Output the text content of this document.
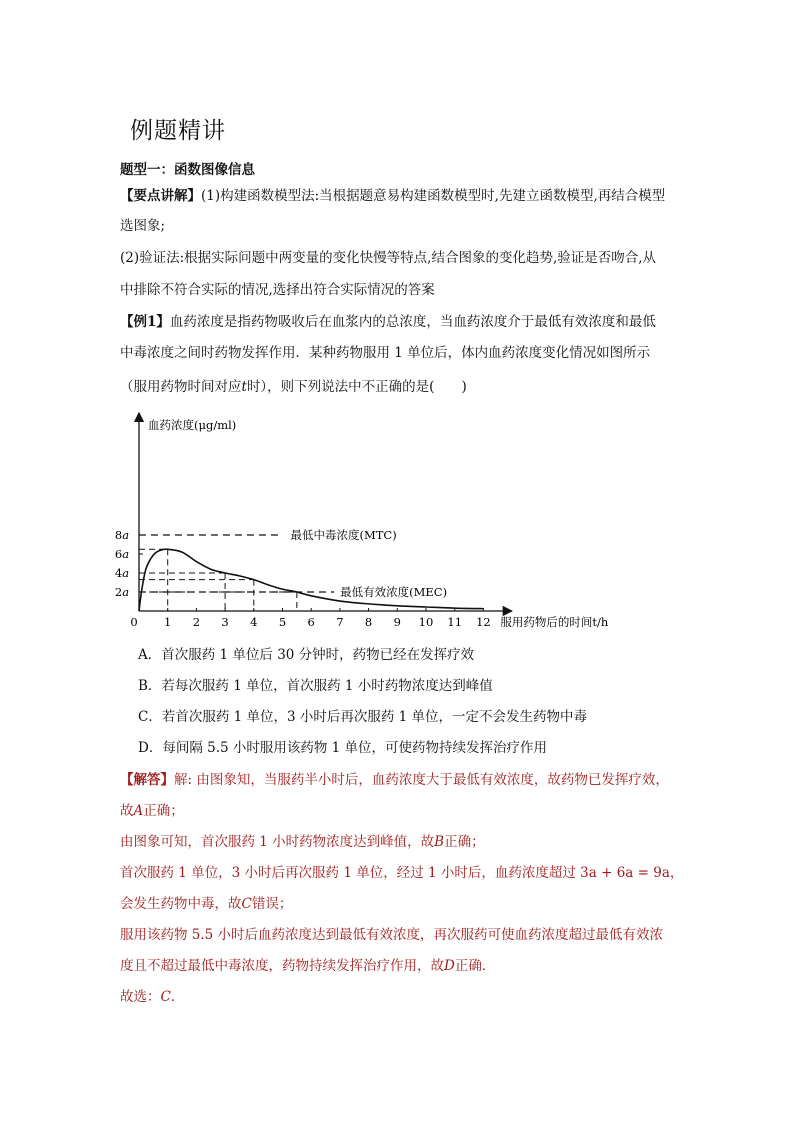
例题精讲
题型一：函数图像信息
【要点讲解】(1)构建函数模型法:当根据题意易构建函数模型时,先建立函数模型,再结合模型
选图象;
(2)验证法:根据实际问题中两变量的变化快慢等特点,结合图象的变化趋势,验证是否吻合,从
中排除不符合实际的情况,选择出符合实际情况的答案
【例1】血药浓度是指药物吸收后在血浆内的总浓度，当血药浓度介于最低有效浓度和最低
中毒浓度之间时药物发挥作用．某种药物服用 1 单位后，体内血药浓度变化情况如图所示
（服用药物时间对应t时），则下列说法中不正确的是(　　)
血药浓度(μg/ml)
服用药物后的时间t/h
0 1 2 3 4 5 6 7 8 9 10 11 12
2a
4a
6a
8a	最低中毒浓度(MTC)
最低有效浓度(MEC)
A．首次服药 1 单位后 30 分钟时，药物已经在发挥疗效
B．若每次服药 1 单位，首次服药 1 小时药物浓度达到峰值
C．若首次服药 1 单位，3 小时后再次服药 1 单位，一定不会发生药物中毒
D．每间隔 5.5 小时服用该药物 1 单位，可使药物持续发挥治疗作用
【解答】解: 由图象知，当服药半小时后，血药浓度大于最低有效浓度，故药物已发挥疗效，
故A正确；
由图象可知，首次服药 1 小时药物浓度达到峰值，故B正确；
首次服药 1 单位，3 小时后再次服药 1 单位，经过 1 小时后，血药浓度超过 3a + 6a = 9a，
会发生药物中毒，故C错误；
服用该药物 5.5 小时后血药浓度达到最低有效浓度，再次服药可使血药浓度超过最低有效浓
度且不超过最低中毒浓度，药物持续发挥治疗作用，故D正确．
故选：C．
